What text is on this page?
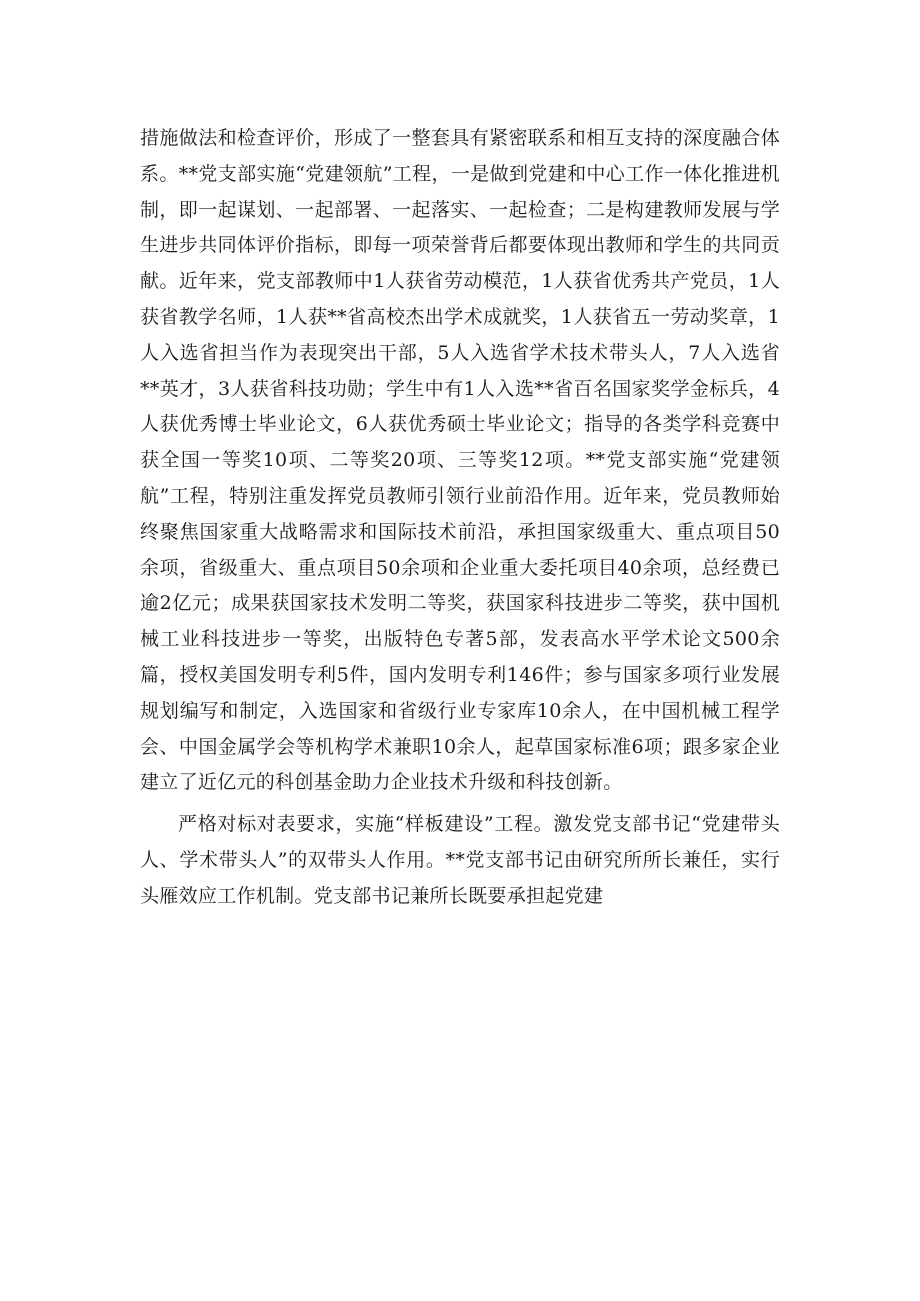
措施做法和检查评价，形成了一整套具有紧密联系和相互支持的深度融合体系。**党支部实施“党建领航”工程，一是做到党建和中心工作一体化推进机制，即一起谋划、一起部署、一起落实、一起检查；二是构建教师发展与学生进步共同体评价指标，即每一项荣誉背后都要体现出教师和学生的共同贡献。近年来，党支部教师中1人获省劳动模范，1人获省优秀共产党员，1人获省教学名师，1人获**省高校杰出学术成就奖，1人获省五一劳动奖章，1人入选省担当作为表现突出干部，5人入选省学术技术带头人，7人入选省**英才，3人获省科技功勋；学生中有1人入选**省百名国家奖学金标兵，4人获优秀博士毕业论文，6人获优秀硕士毕业论文；指导的各类学科竞赛中获全国一等奖10项、二等奖20项、三等奖12项。**党支部实施“党建领航”工程，特别注重发挥党员教师引领行业前沿作用。近年来，党员教师始终聚焦国家重大战略需求和国际技术前沿，承担国家级重大、重点项目50余项，省级重大、重点项目50余项和企业重大委托项目40余项，总经费已逾2亿元；成果获国家技术发明二等奖，获国家科技进步二等奖，获中国机械工业科技进步一等奖，出版特色专著5部，发表高水平学术论文500余篇，授权美国发明专利5件，国内发明专利146件；参与国家多项行业发展规划编写和制定，入选国家和省级行业专家库10余人，在中国机械工程学会、中国金属学会等机构学术兼职10余人，起草国家标准6项；跟多家企业建立了近亿元的科创基金助力企业技术升级和科技创新。

严格对标对表要求，实施“样板建设”工程。激发党支部书记“党建带头人、学术带头人”的双带头人作用。**党支部书记由研究所所长兼任，实行头雁效应工作机制。党支部书记兼所长既要承担起党建
